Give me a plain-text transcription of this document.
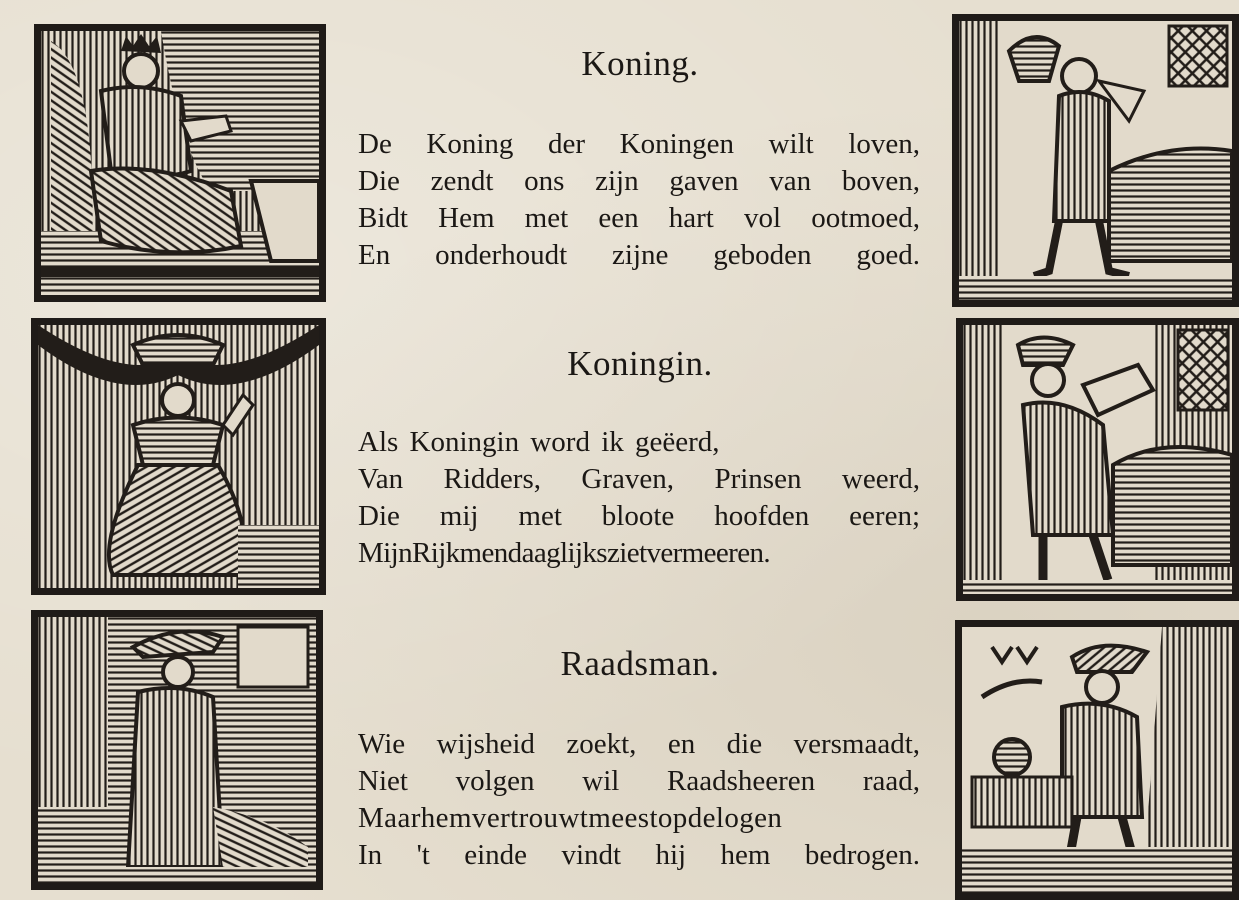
Koning.
De Koning der Koningen wilt loven,
Die zendt ons zijn gaven van boven,
Bidt Hem met een hart vol ootmoed,
En onderhoudt zijne geboden goed.
Koningin.
Als Koningin word ik geëerd,
Van Ridders, Graven, Prinsen weerd,
Die mij met bloote hoofden eeren;
MijnRijkmendaaglijkszietvermeeren.
Raadsman.
Wie wijsheid zoekt, en die versmaadt,
Niet volgen wil Raadsheeren raad,
Maarhemvertrouwtmeestopdelogen
In 't einde vindt hij hem bedrogen.
